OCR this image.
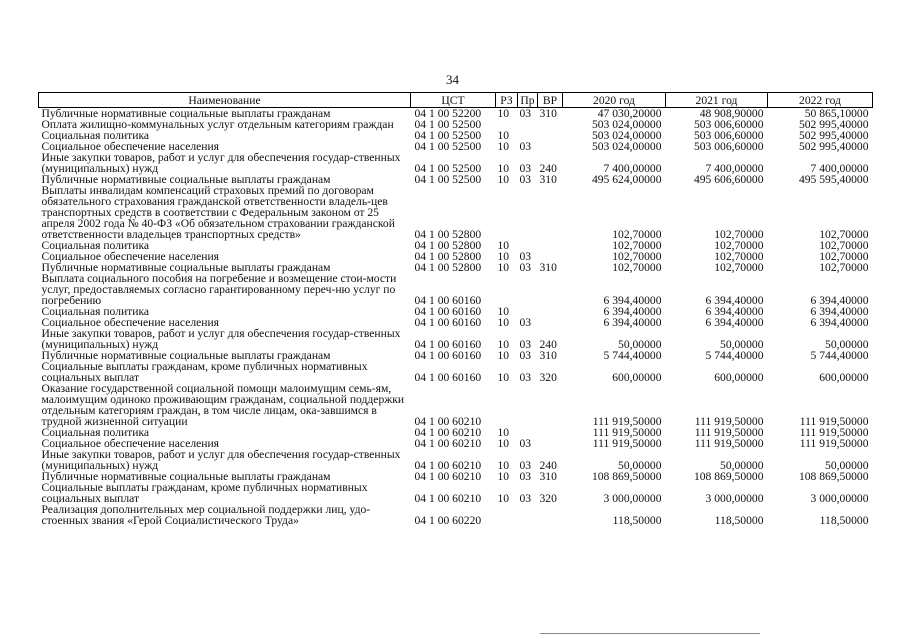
34
Наименование	ЦСТ	РЗ	Пр	ВР	2020 год	2021 год	2022 год
Публичные нормативные социальные выплаты гражданам	04 1 00 52200	10	03	310	47 030,20000	48 908,90000	50 865,10000
Оплата жилищно-коммунальных услуг отдельным категориям граждан	04 1 00 52500				503 024,00000	503 006,60000	502 995,40000
Социальная политика	04 1 00 52500	10			503 024,00000	503 006,60000	502 995,40000
Социальное обеспечение населения	04 1 00 52500	10	03		503 024,00000	503 006,60000	502 995,40000
Иные закупки товаров, работ и услуг для обеспечения государ-ственных (муниципальных) нужд	04 1 00 52500	10	03	240	7 400,00000	7 400,00000	7 400,00000
Публичные нормативные социальные выплаты гражданам	04 1 00 52500	10	03	310	495 624,00000	495 606,60000	495 595,40000
Выплаты инвалидам компенсаций страховых премий по договорам обязательного страхования гражданской ответственности владель-цев транспортных средств в соответствии с Федеральным законом от 25 апреля 2002 года № 40-ФЗ «Об обязательном страховании гражданской ответственности владельцев транспортных средств»	04 1 00 52800				102,70000	102,70000	102,70000
Социальная политика	04 1 00 52800	10			102,70000	102,70000	102,70000
Социальное обеспечение населения	04 1 00 52800	10	03		102,70000	102,70000	102,70000
Публичные нормативные социальные выплаты гражданам	04 1 00 52800	10	03	310	102,70000	102,70000	102,70000
Выплата социального пособия на погребение и возмещение стои-мости услуг, предоставляемых согласно гарантированному переч-ню услуг по погребению	04 1 00 60160				6 394,40000	6 394,40000	6 394,40000
Социальная политика	04 1 00 60160	10			6 394,40000	6 394,40000	6 394,40000
Социальное обеспечение населения	04 1 00 60160	10	03		6 394,40000	6 394,40000	6 394,40000
Иные закупки товаров, работ и услуг для обеспечения государ-ственных (муниципальных) нужд	04 1 00 60160	10	03	240	50,00000	50,00000	50,00000
Публичные нормативные социальные выплаты гражданам	04 1 00 60160	10	03	310	5 744,40000	5 744,40000	5 744,40000
Социальные выплаты гражданам, кроме публичных нормативных социальных выплат	04 1 00 60160	10	03	320	600,00000	600,00000	600,00000
Оказание государственной социальной помощи малоимущим семь-ям, малоимущим одиноко проживающим гражданам, социальной поддержки отдельным категориям граждан, в том числе лицам, ока-завшимся в трудной жизненной ситуации	04 1 00 60210				111 919,50000	111 919,50000	111 919,50000
Социальная политика	04 1 00 60210	10			111 919,50000	111 919,50000	111 919,50000
Социальное обеспечение населения	04 1 00 60210	10	03		111 919,50000	111 919,50000	111 919,50000
Иные закупки товаров, работ и услуг для обеспечения государ-ственных (муниципальных) нужд	04 1 00 60210	10	03	240	50,00000	50,00000	50,00000
Публичные нормативные социальные выплаты гражданам	04 1 00 60210	10	03	310	108 869,50000	108 869,50000	108 869,50000
Социальные выплаты гражданам, кроме публичных нормативных социальных выплат	04 1 00 60210	10	03	320	3 000,00000	3 000,00000	3 000,00000
Реализация дополнительных мер социальной поддержки лиц, удо-стоенных звания «Герой Социалистического Труда»	04 1 00 60220				118,50000	118,50000	118,50000
